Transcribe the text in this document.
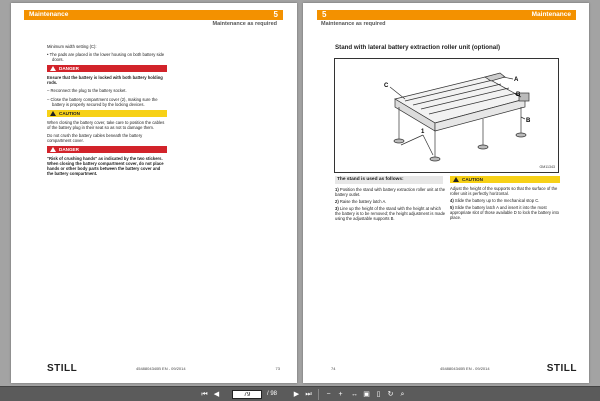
Maintenance	5
Maintenance as required

Minimum width setting (C):

• The pads are placed in the lower housing on both battery side doors.

DANGER

Ensure that the battery is locked with both battery holding rods.

– Reconnect the plug to the battery socket.

– Close the battery compartment cover (2), making sure the battery is properly secured by the locking devices.

CAUTION

When closing the battery cover, take care to position the cables of the battery plug in their seat so as not to damage them.

Do not crush the battery cables beneath the battery compartment cover.

DANGER

"Risk of crushing hands" as indicated by the two stickers. When closing the battery compartment cover, do not place hands or other body parts between the battery cover and the battery compartment.

STILL	4548804340B EN - 09/2014	73
5	Maintenance
Maintenance as required
Stand with lateral battery extraction roller unit (optional)
C
A
B
B
1
GM11343
The stand is used as follows:

1) Position the stand with battery extraction roller unit at the battery outlet.

2) Raise the battery latch A.

3) Line up the height of the stand with the height at which the battery is to be removed; the height adjustment is made using the adjustable supports B.

CAUTION

Adjust the height of the supports so that the surface of the roller unit is perfectly horizontal.

4) Slide the battery up to the mechanical stop C.

5) Slide the battery latch A and insert it into the most appropriate slot of those available D to lock the battery into place.

74	4548804340B EN - 09/2014	STILL
⏮ ◀
79	/ 98 ▶ ⏭	−	+	↔ ▣ ▯	↻	⌕
